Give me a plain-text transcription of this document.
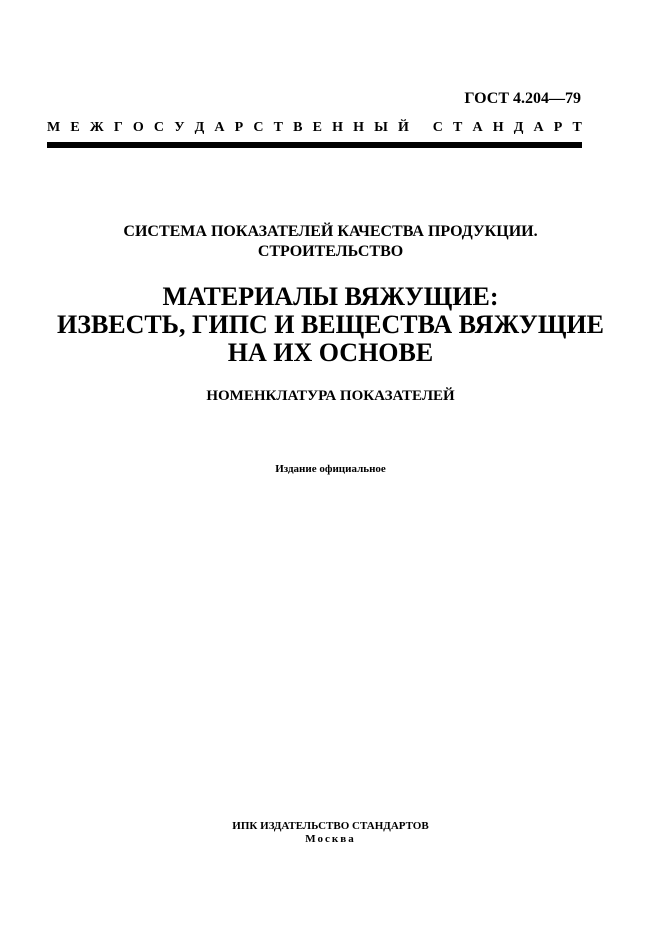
ГОСТ 4.204—79
М Е Ж Г О С У Д А Р С Т В Е Н Н Ы Й
С Т А Н Д А Р Т
СИСТЕМА ПОКАЗАТЕЛЕЙ КАЧЕСТВА ПРОДУКЦИИ.
СТРОИТЕЛЬСТВО
МАТЕРИАЛЫ ВЯЖУЩИЕ:
ИЗВЕСТЬ, ГИПС И ВЕЩЕСТВА ВЯЖУЩИЕ
НА ИХ ОСНОВЕ
НОМЕНКЛАТУРА ПОКАЗАТЕЛЕЙ
Издание официальное
ИПК ИЗДАТЕЛЬСТВО СТАНДАРТОВ
Москва
